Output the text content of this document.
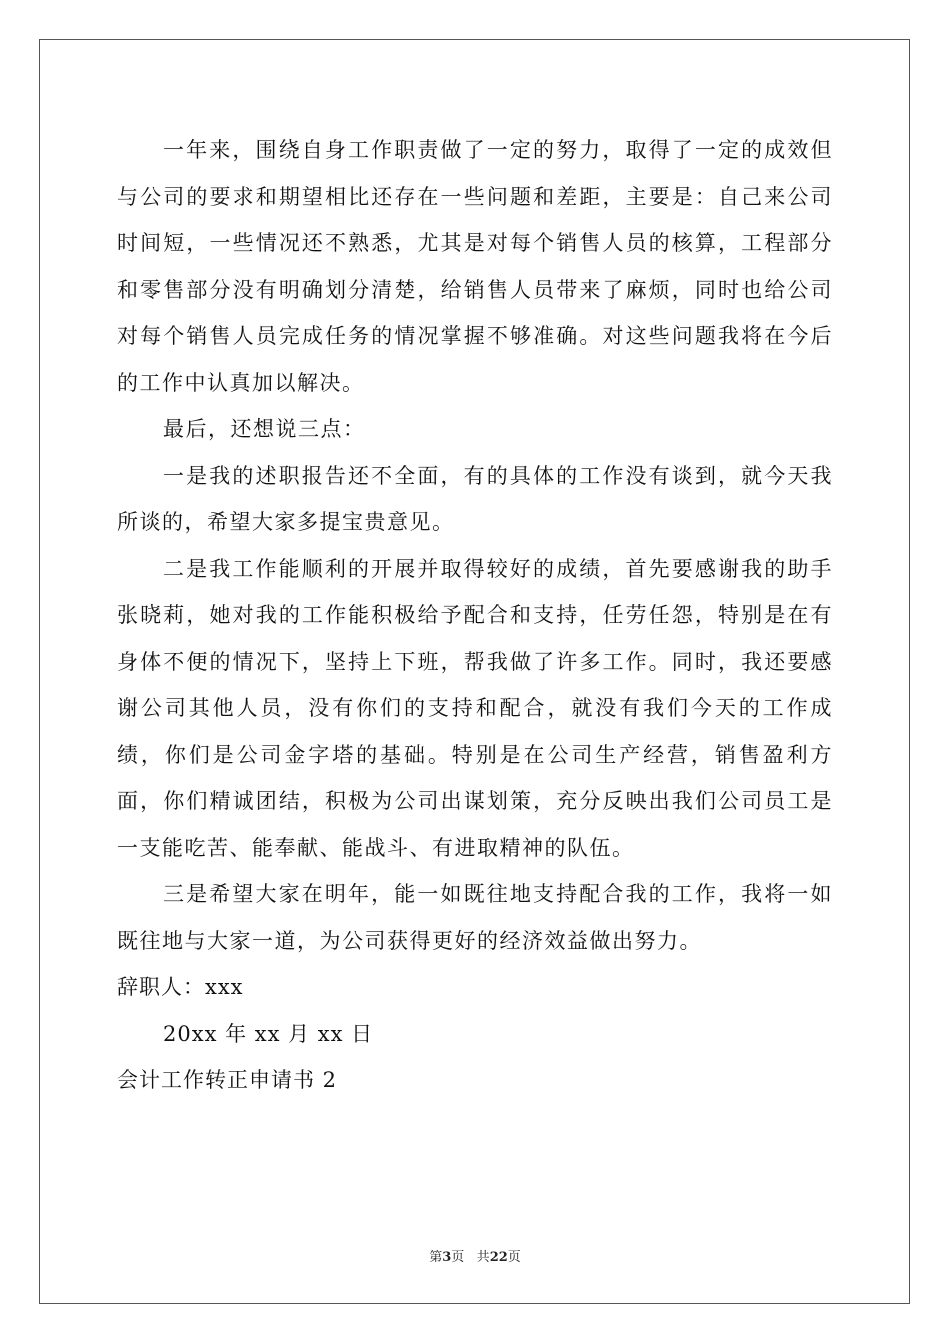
一年来，围绕自身工作职责做了一定的努力，取得了一定的成效但与公司的要求和期望相比还存在一些问题和差距，主要是：自己来公司时间短，一些情况还不熟悉，尤其是对每个销售人员的核算，工程部分和零售部分没有明确划分清楚，给销售人员带来了麻烦，同时也给公司对每个销售人员完成任务的情况掌握不够准确。对这些问题我将在今后的工作中认真加以解决。

最后，还想说三点：

一是我的述职报告还不全面，有的具体的工作没有谈到，就今天我所谈的，希望大家多提宝贵意见。

二是我工作能顺利的开展并取得较好的成绩，首先要感谢我的助手张晓莉，她对我的工作能积极给予配合和支持，任劳任怨，特别是在有身体不便的情况下，坚持上下班，帮我做了许多工作。同时，我还要感谢公司其他人员，没有你们的支持和配合，就没有我们今天的工作成绩，你们是公司金字塔的基础。特别是在公司生产经营，销售盈利方面，你们精诚团结，积极为公司出谋划策，充分反映出我们公司员工是一支能吃苦、能奉献、能战斗、有进取精神的队伍。

三是希望大家在明年，能一如既往地支持配合我的工作，我将一如既往地与大家一道，为公司获得更好的经济效益做出努力。

辞职人：xxx

20xx 年 xx 月 xx 日

会计工作转正申请书 2

第3页 共22页
